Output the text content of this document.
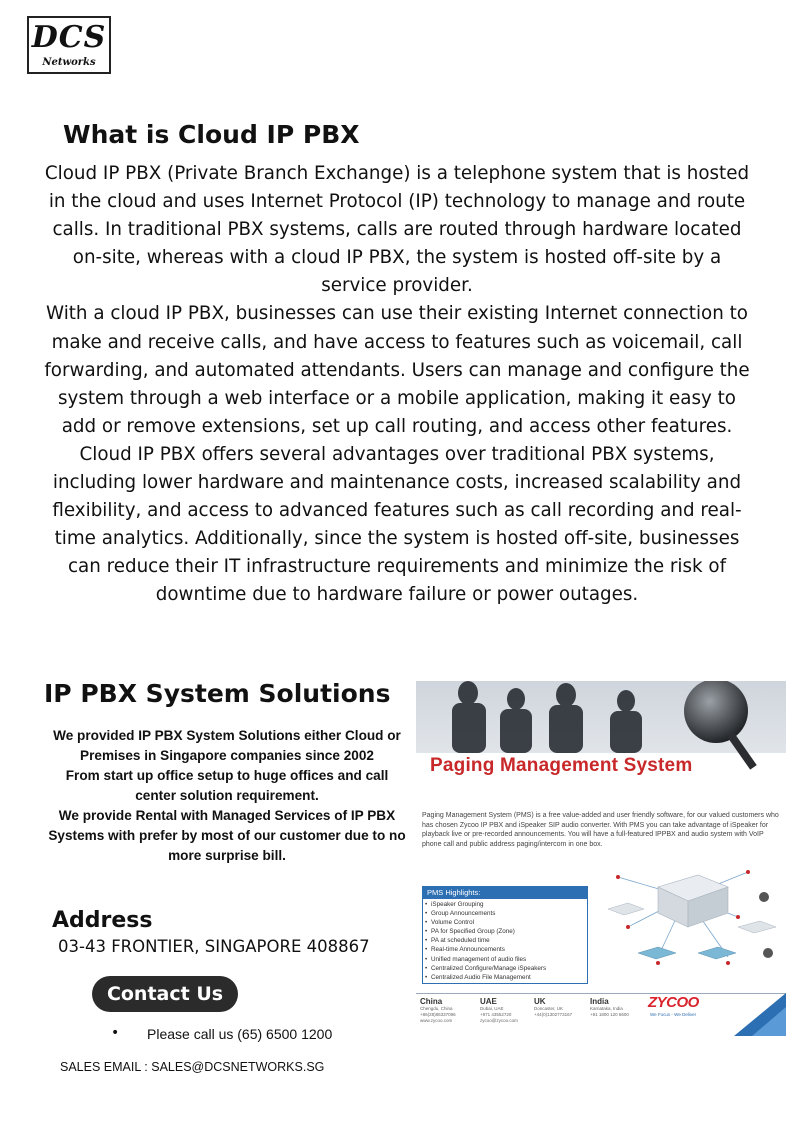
DCS
Networks
What is Cloud IP PBX

Cloud IP PBX (Private Branch Exchange) is a telephone system that is hosted in the cloud and uses Internet Protocol (IP) technology to manage and route calls. In traditional PBX systems, calls are routed through hardware located on-site, whereas with a cloud IP PBX, the system is hosted off-site by a service provider.

With a cloud IP PBX, businesses can use their existing Internet connection to make and receive calls, and have access to features such as voicemail, call forwarding, and automated attendants. Users can manage and configure the system through a web interface or a mobile application, making it easy to add or remove extensions, set up call routing, and access other features.

Cloud IP PBX offers several advantages over traditional PBX systems, including lower hardware and maintenance costs, increased scalability and flexibility, and access to advanced features such as call recording and real-time analytics. Additionally, since the system is hosted off-site, businesses can reduce their IT infrastructure requirements and minimize the risk of downtime due to hardware failure or power outages.

IP PBX System Solutions

We provided IP PBX System Solutions either Cloud or Premises in Singapore companies since 2002

From start up office setup to huge offices and call center solution requirement.

We provide Rental with Managed Services of IP PBX Systems with prefer by most of our customer due to no more surprise bill.

Address
03-43 FRONTIER, SINGAPORE 408867
Contact Us
• Please call us (65) 6500 1200
SALES EMAIL : SALES@DCSNETWORKS.SG
Paging Management System
Paging Management System (PMS) is a free value-added and user friendly software, for our valued customers who has chosen Zycoo IP PBX and iSpeaker SIP audio converter. With PMS you can take advantage of iSpeaker for playback live or pre-recorded announcements. You will have a full-featured IPPBX and audio system with VoIP phone call and public address paging/intercom in one box.
PMS Highlights:
• iSpeaker Grouping
• Group Announcements
• Volume Control
• PA for Specified Group (Zone)
• PA at scheduled time
• Real-time Announcements
• Unified management of audio files
• Centralized Configure/Manage iSpeakers
• Centralized Audio File Management
China
Chengdu, China
+86(28)85337096
www.zycoo.com
UAE
Dubai, UAE
+971 43552720
zycoo@zycoo.com
UK
Doncaster, UK
+44(0)1302773167
India
Karnataka, India
+91 1800 120 6600
ZYCOO
We Focus - We Deliver
